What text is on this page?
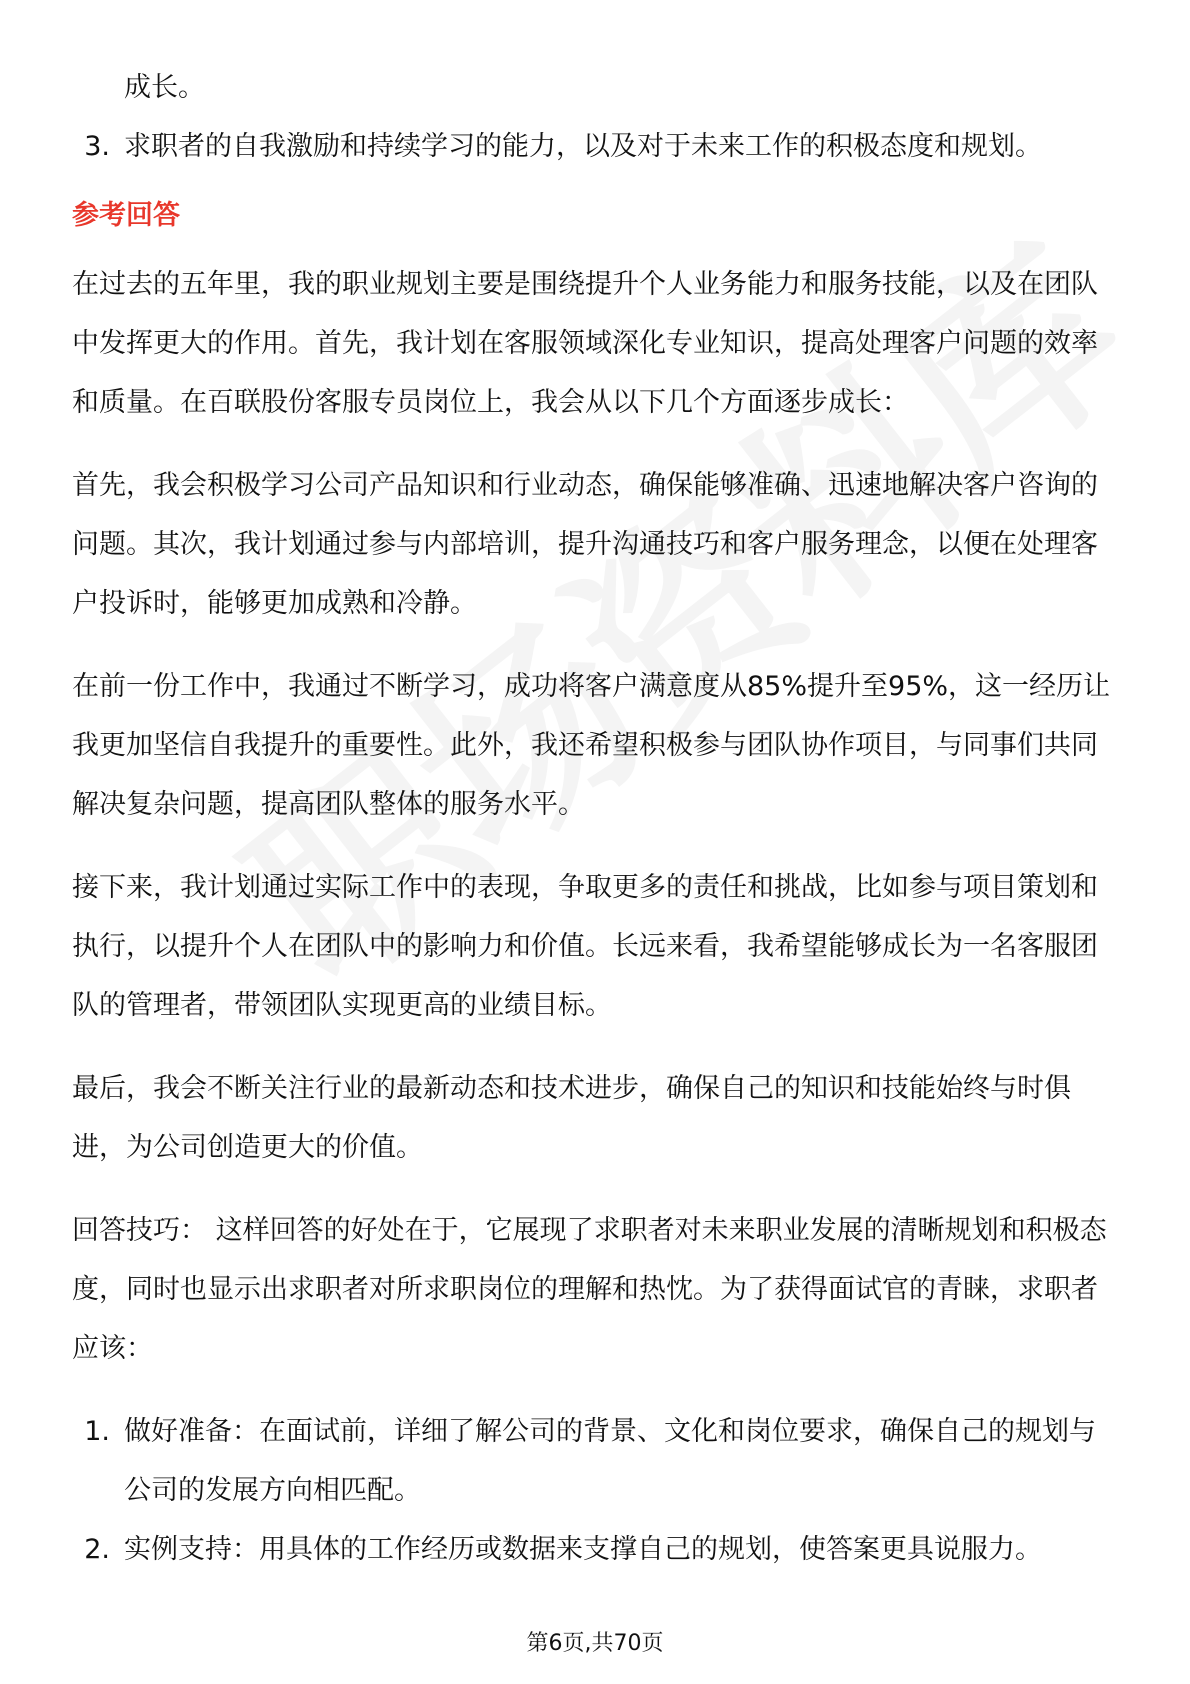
成长。
3. 求职者的自我激励和持续学习的能力，以及对于未来工作的积极态度和规划。
参考回答
在过去的五年里，我的职业规划主要是围绕提升个人业务能力和服务技能，以及在团队中发挥更大的作用。首先，我计划在客服领域深化专业知识，提高处理客户问题的效率和质量。在百联股份客服专员岗位上，我会从以下几个方面逐步成长：
首先，我会积极学习公司产品知识和行业动态，确保能够准确、迅速地解决客户咨询的问题。其次，我计划通过参与内部培训，提升沟通技巧和客户服务理念，以便在处理客户投诉时，能够更加成熟和冷静。
在前一份工作中，我通过不断学习，成功将客户满意度从85%提升至95%，这一经历让我更加坚信自我提升的重要性。此外，我还希望积极参与团队协作项目，与同事们共同解决复杂问题，提高团队整体的服务水平。
接下来，我计划通过实际工作中的表现，争取更多的责任和挑战，比如参与项目策划和执行，以提升个人在团队中的影响力和价值。长远来看，我希望能够成长为一名客服团队的管理者，带领团队实现更高的业绩目标。
最后，我会不断关注行业的最新动态和技术进步，确保自己的知识和技能始终与时俱进，为公司创造更大的价值。
回答技巧： 这样回答的好处在于，它展现了求职者对未来职业发展的清晰规划和积极态度，同时也显示出求职者对所求职岗位的理解和热忱。为了获得面试官的青睐，求职者应该：
1. 做好准备：在面试前，详细了解公司的背景、文化和岗位要求，确保自己的规划与公司的发展方向相匹配。
2. 实例支持：用具体的工作经历或数据来支撑自己的规划，使答案更具说服力。
第6页,共70页
